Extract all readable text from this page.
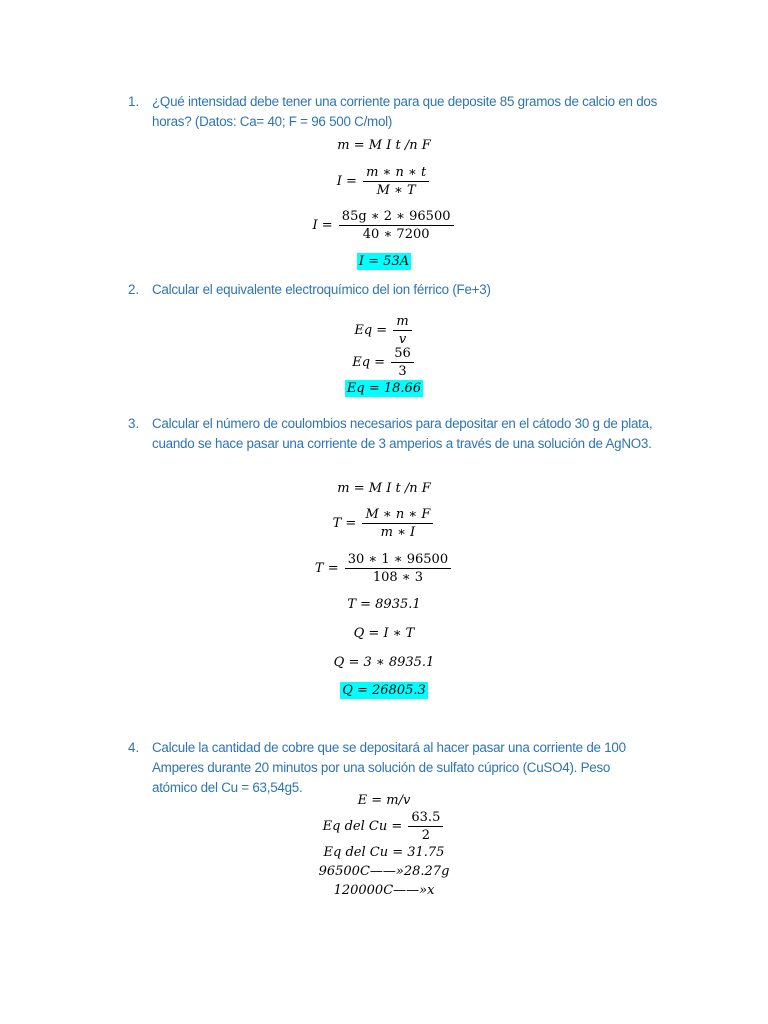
1. ¿Qué intensidad debe tener una corriente para que deposite 85 gramos de calcio en dos horas? (Datos: Ca= 40; F = 96 500 C/mol)
m = M I t /n F
$I = \frac{m ∗ n ∗ t}{M ∗ T}$
$I = \frac{85g ∗ 2 ∗ 96500}{40 ∗ 7200}$
I = 53A
2. Calcular el equivalente electroquímico del ion férrico (Fe+3)
$Eq = \frac{m}{v}$
$Eq = \frac{56}{3}$
Eq = 18.66
3. Calcular el número de coulombios necesarios para depositar en el cátodo 30 g de plata, cuando se hace pasar una corriente de 3 amperios a través de una solución de AgNO3.
m = M I t /n F
$T = \frac{M ∗ n ∗ F}{m ∗ I}$
$T = \frac{30 ∗ 1 ∗ 96500}{108 ∗ 3}$
T = 8935.1
Q = I ∗ T
Q = 3 ∗ 8935.1
Q = 26805.3
4. Calcule la cantidad de cobre que se depositará al hacer pasar una corriente de 100 Amperes durante 20 minutos por una solución de sulfato cúprico (CuSO4). Peso atómico del Cu = 63,54g5.
E = m/v
Eq del $Cu = \frac{63.5}{2}$
Eq del Cu = 31.75
96500C——»28.27g
120000C——»x
